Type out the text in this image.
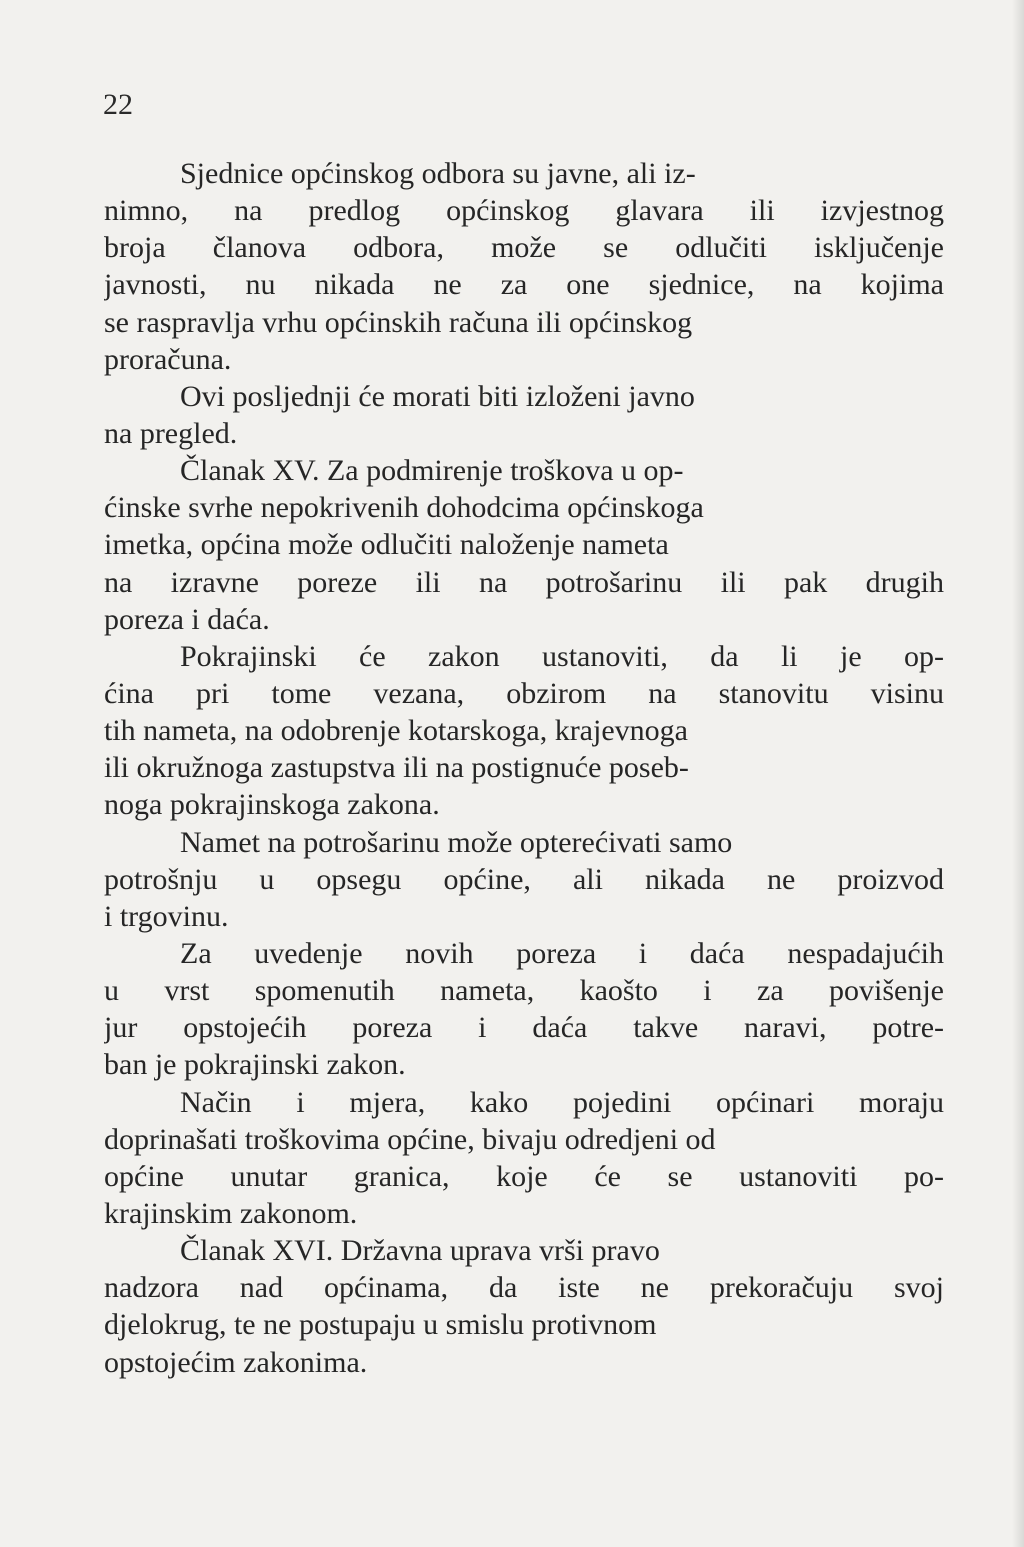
22
Sjednice općinskog odbora su javne, ali iz-
nimno, na predlog općinskog glavara ili izvjestnog
broja članova odbora, može se odlučiti isključenje
javnosti, nu nikada ne za one sjednice, na kojima
se raspravlja vrhu općinskih računa ili općinskog
proračuna.
Ovi posljednji će morati biti izloženi javno
na pregled.
Članak XV. Za podmirenje troškova u op-
ćinske svrhe nepokrivenih dohodcima općinskoga
imetka, općina može odlučiti naloženje nameta
na izravne poreze ili na potrošarinu ili pak drugih
poreza i daća.
Pokrajinski će zakon ustanoviti, da li je op-
ćina pri tome vezana, obzirom na stanovitu visinu
tih nameta, na odobrenje kotarskoga, krajevnoga
ili okružnoga zastupstva ili na postignuće poseb-
noga pokrajinskoga zakona.
Namet na potrošarinu može opterećivati samo
potrošnju u opsegu općine, ali nikada ne proizvod
i trgovinu.
Za uvedenje novih poreza i daća nespadajućih
u vrst spomenutih nameta, kaošto i za povišenje
jur opstojećih poreza i daća takve naravi, potre-
ban je pokrajinski zakon.
Način i mjera, kako pojedini općinari moraju
doprinašati troškovima općine, bivaju odredjeni od
općine unutar granica, koje će se ustanoviti po-
krajinskim zakonom.
Članak XVI. Državna uprava vrši pravo
nadzora nad općinama, da iste ne prekoračuju svoj
djelokrug, te ne postupaju u smislu protivnom
opstojećim zakonima.
